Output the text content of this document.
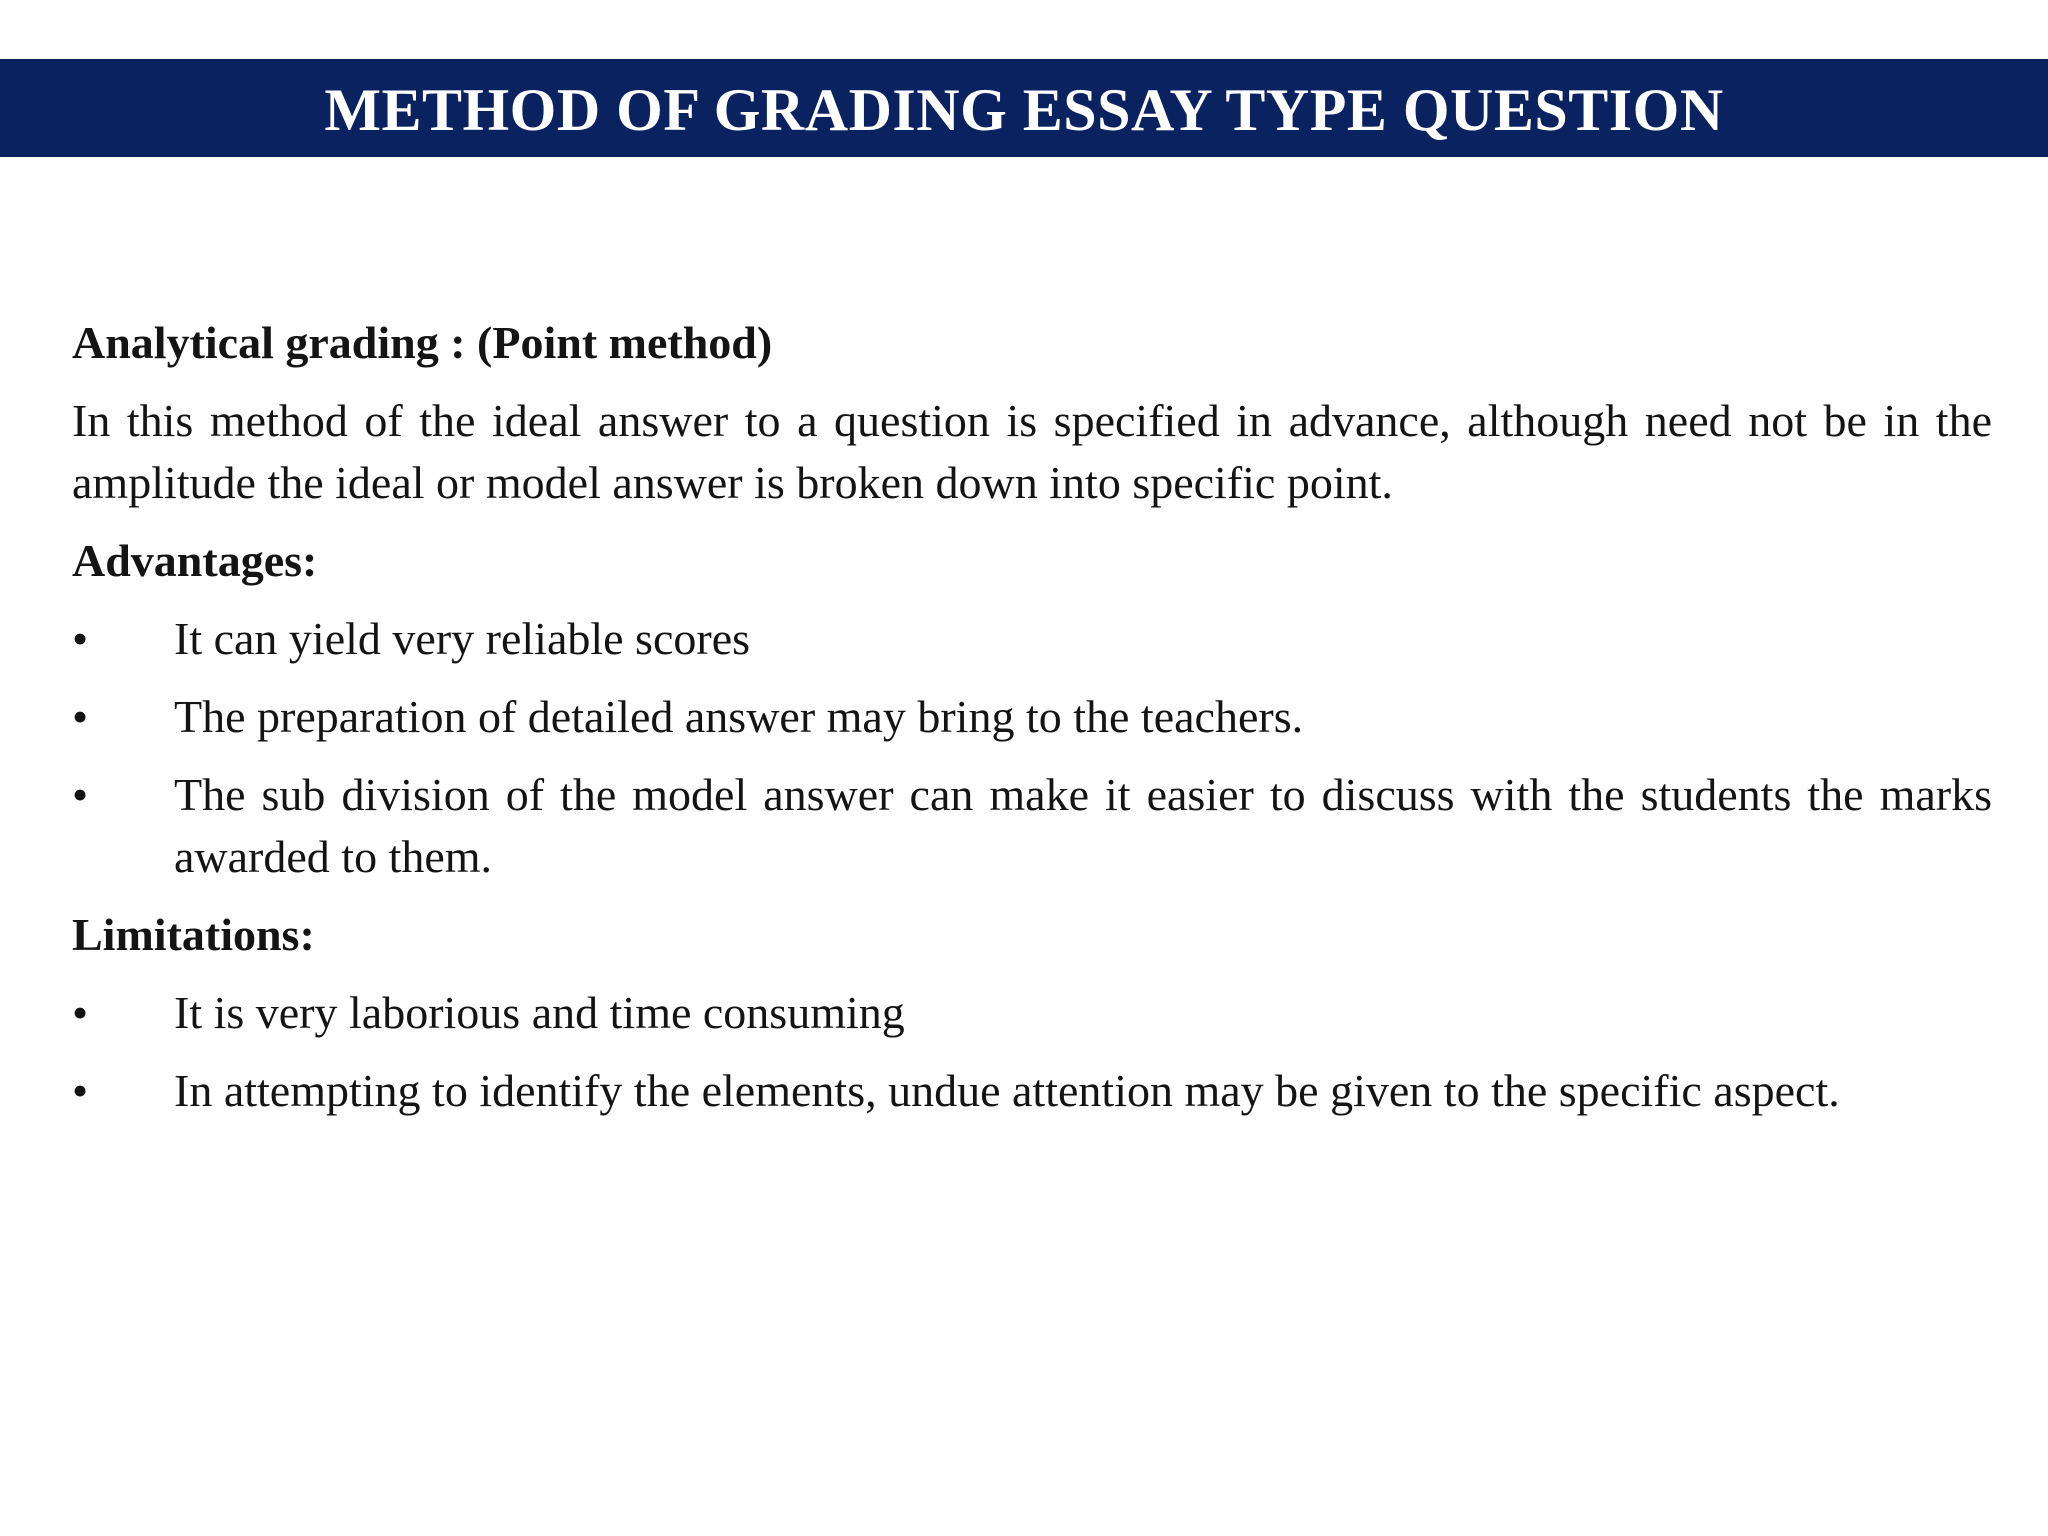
METHOD OF GRADING ESSAY TYPE QUESTION
Analytical grading : (Point method)
In this method of the ideal answer to a question is specified in advance, although need not be in the amplitude the ideal or model answer is broken down into specific point.
Advantages:
•	It can yield very reliable scores
•	The preparation of detailed answer may bring to the teachers.
•	The sub division of the model answer can make it easier to discuss with the students the marks awarded to them.
Limitations:
•	It is very laborious and time consuming
• In attempting to identify the elements, undue attention may be given to the specific aspect.
